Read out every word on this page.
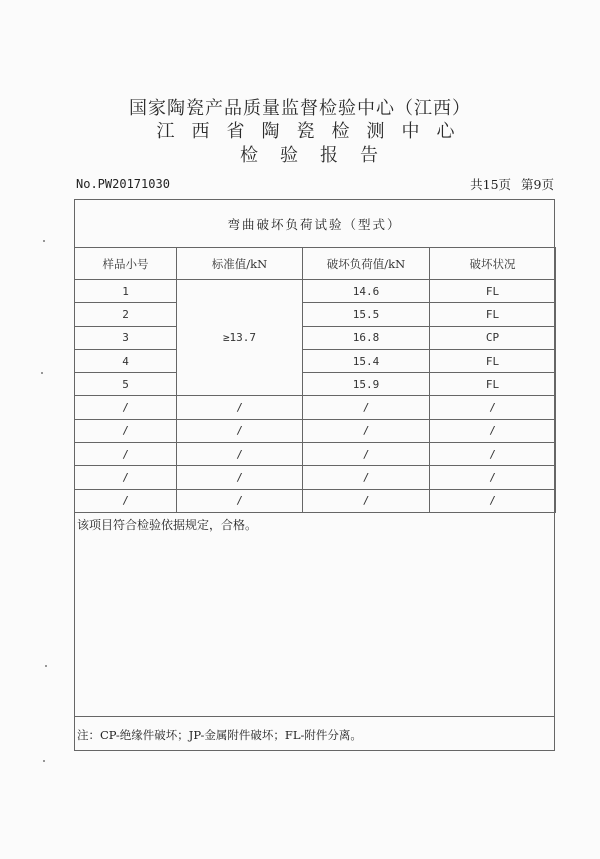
国家陶瓷产品质量监督检验中心（江西）
江西省陶瓷检测中心
检验报告
No.PW20171030	共15页 第9页
弯曲破坏负荷试验（型式）
样品小号	标准值/kN	破坏负荷值/kN	破坏状况
1	≥13.7	14.6	FL
2		15.5	FL
3		16.8	CP
4		15.4	FL
5		15.9	FL
/	/	/	/
/	/	/	/
/	/	/	/
/	/	/	/
/	/	/	/
该项目符合检验依据规定，合格。
注：CP-绝缘件破坏；JP-金属附件破坏；FL-附件分离。
